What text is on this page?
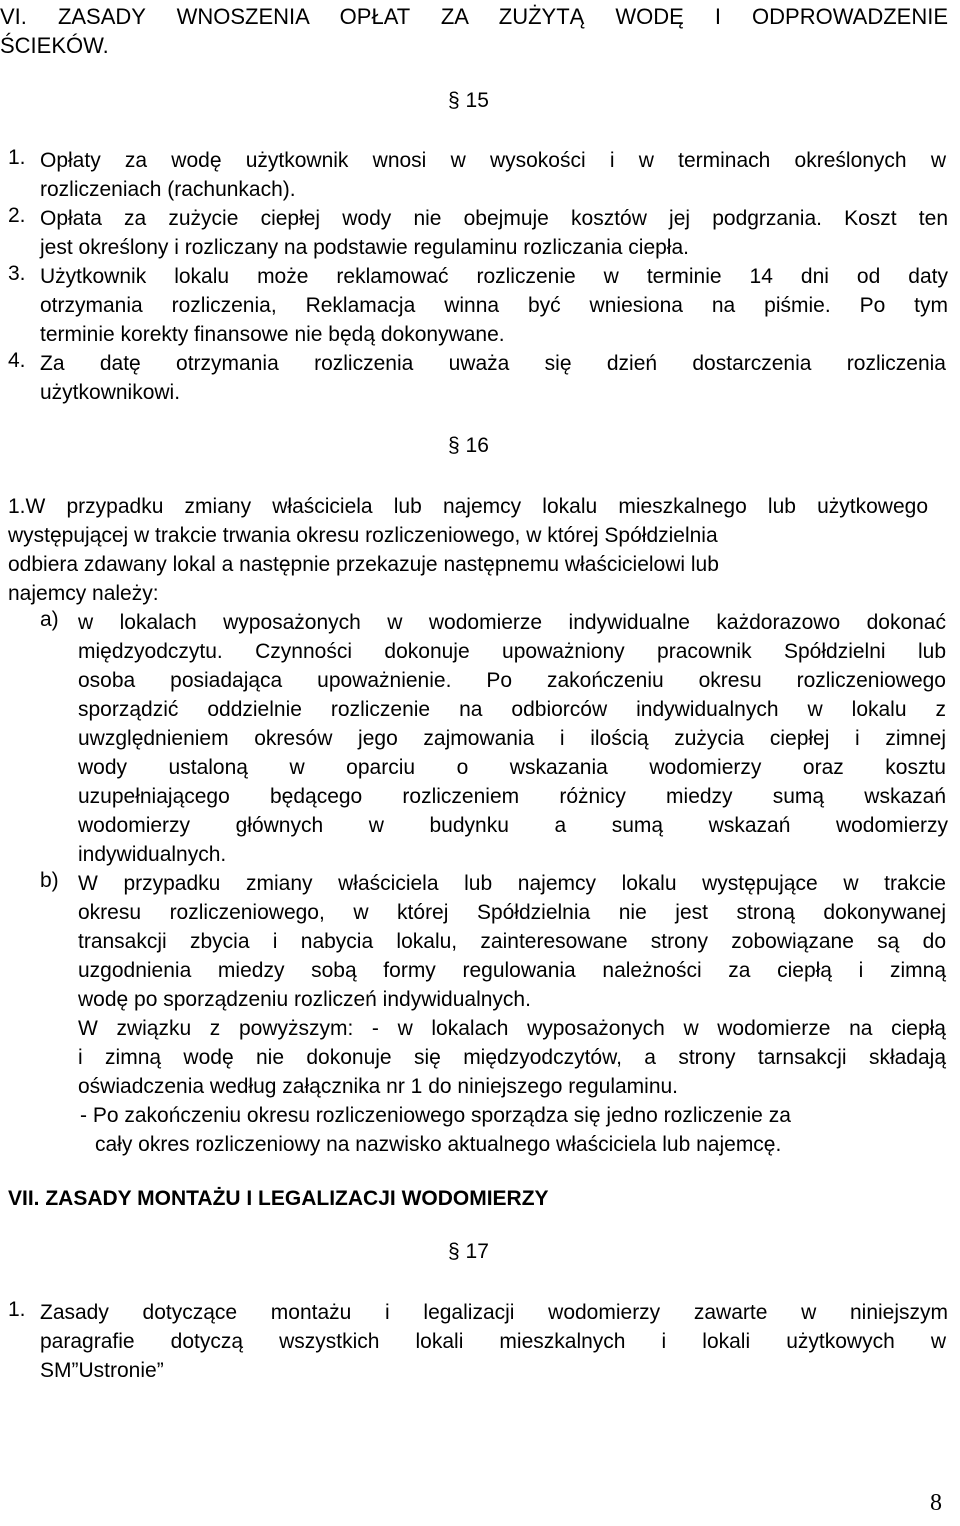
VI. ZASADY WNOSZENIA OPŁAT ZA ZUŻYTĄ WODĘ I ODPROWADZENIE
ŚCIEKÓW.
§ 15
1. Opłaty za wodę użytkownik wnosi w wysokości i w terminach określonych w
rozliczeniach (rachunkach).
2. Opłata za zużycie ciepłej wody nie obejmuje kosztów jej podgrzania. Koszt ten
jest określony i rozliczany na podstawie regulaminu rozliczania ciepła.
3. Użytkownik lokalu może reklamować rozliczenie w terminie 14 dni od daty
otrzymania rozliczenia, Reklamacja winna być wniesiona na piśmie. Po tym
terminie korekty finansowe nie będą dokonywane.
4. Za datę otrzymania rozliczenia uważa się dzień dostarczenia rozliczenia
użytkownikowi.
§ 16
1.W przypadku zmiany właściciela lub najemcy lokalu mieszkalnego lub użytkowego
występującej w trakcie trwania okresu rozliczeniowego, w której Spółdzielnia
odbiera zdawany lokal a następnie przekazuje następnemu właścicielowi lub
najemcy należy:
a) w lokalach wyposażonych w wodomierze indywidualne każdorazowo dokonać
międzyodczytu. Czynności dokonuje upoważniony pracownik Spółdzielni lub
osoba posiadająca upoważnienie. Po zakończeniu okresu rozliczeniowego
sporządzić oddzielnie rozliczenie na odbiorców indywidualnych w lokalu z
uwzględnieniem okresów jego zajmowania i ilością zużycia ciepłej i zimnej
wody ustaloną w oparciu o wskazania wodomierzy oraz kosztu
uzupełniającego będącego rozliczeniem różnicy miedzy sumą wskazań
wodomierzy głównych w budynku a sumą wskazań wodomierzy
indywidualnych.
b) W przypadku zmiany właściciela lub najemcy lokalu występujące w trakcie
okresu rozliczeniowego, w której Spółdzielnia nie jest stroną dokonywanej
transakcji zbycia i nabycia lokalu, zainteresowane strony zobowiązane są do
uzgodnienia miedzy sobą formy regulowania należności za ciepłą i zimną
wodę po sporządzeniu rozliczeń indywidualnych.
W związku z powyższym: - w lokalach wyposażonych w wodomierze na ciepłą
i zimną wodę nie dokonuje się międzyodczytów, a strony tarnsakcji składają
oświadczenia według załącznika nr 1 do niniejszego regulaminu.
- Po zakończeniu okresu rozliczeniowego sporządza się jedno rozliczenie za
cały okres rozliczeniowy na nazwisko aktualnego właściciela lub najemcę.
VII. ZASADY MONTAŻU I LEGALIZACJI WODOMIERZY
§ 17
1. Zasady dotyczące montażu i legalizacji wodomierzy zawarte w niniejszym
paragrafie dotyczą wszystkich lokali mieszkalnych i lokali użytkowych w
SM”Ustronie”
8
